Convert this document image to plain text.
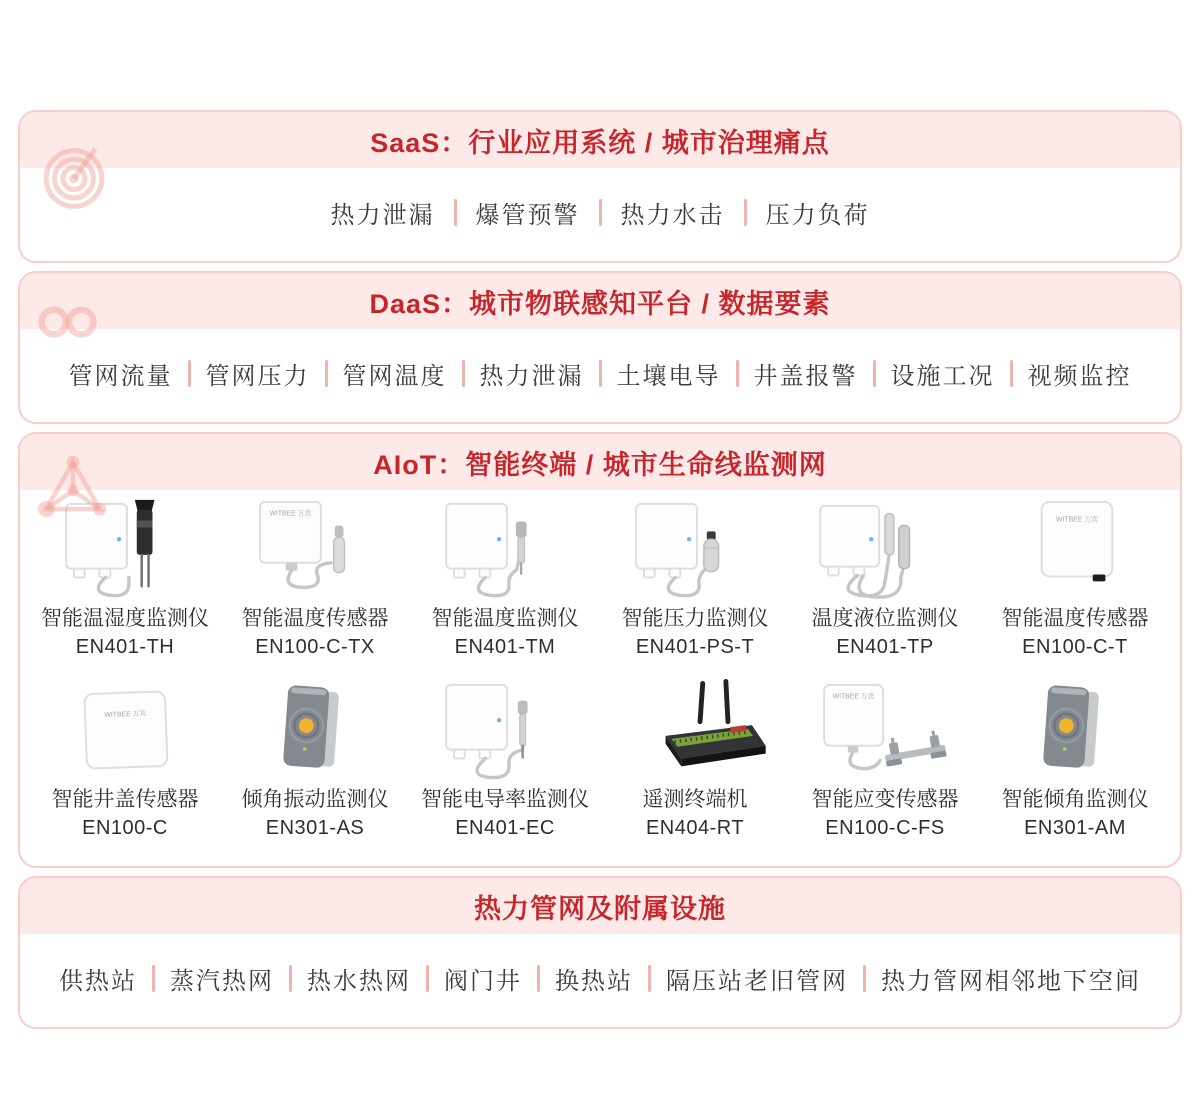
SaaS：行业应用系统 / 城市治理痛点
热力泄漏 爆管预警 热力水击 压力负荷
DaaS：城市物联感知平台 / 数据要素
管网流量 管网压力 管网温度 热力泄漏 土壤电导 井盖报警 设施工况 视频监控
AIoT：智能终端 / 城市生命线监测网
智能温湿度监测仪
EN401-TH
WITBEE 万宾
智能温度传感器
EN100-C-TX
智能温度监测仪
EN401-TM
智能压力监测仪
EN401-PS-T
温度液位监测仪
EN401-TP
WITBEE 万宾
智能温度传感器
EN100-C-T
WITBEE 万宾
智能井盖传感器
EN100-C
倾角振动监测仪
EN301-AS
智能电导率监测仪
EN401-EC
遥测终端机
EN404-RT
WITBEE 万宾
智能应变传感器
EN100-C-FS
智能倾角监测仪
EN301-AM
热力管网及附属设施
供热站 蒸汽热网 热水热网 阀门井 换热站 隔压站老旧管网 热力管网相邻地下空间
